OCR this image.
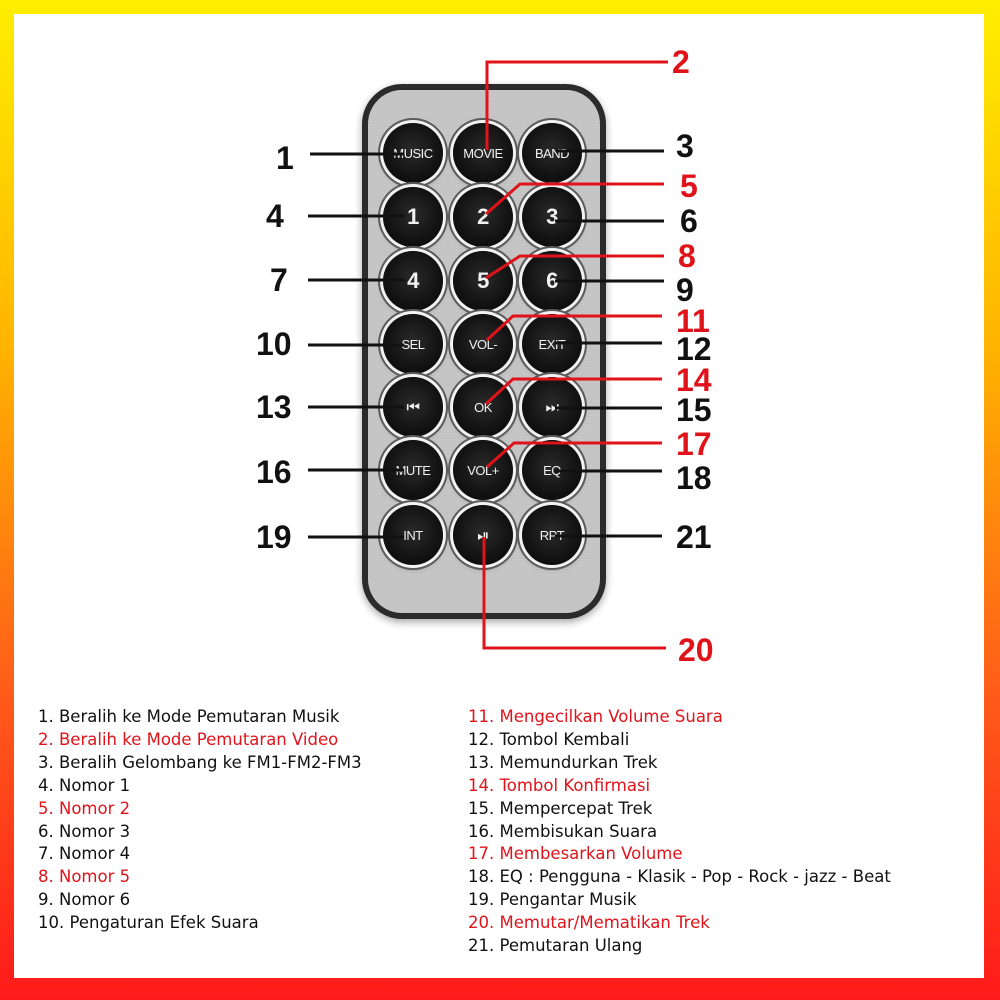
MUSIC	MOVIE	BAND
1	2	3
4	5	6
SEL	VOL-	EXIT
⏮	OK	⏭
MUTE	VOL+	EQ
INT	⏯	RPT
1
2
3
4
5
6
7
8
9
10
11
12
13
14
15
16
17
18
19
20
21
1. Beralih ke Mode Pemutaran Musik
2. Beralih ke Mode Pemutaran Video
3. Beralih Gelombang ke FM1-FM2-FM3
4. Nomor 1
5. Nomor 2
6. Nomor 3
7. Nomor 4
8. Nomor 5
9. Nomor 6
10. Pengaturan Efek Suara
11. Mengecilkan Volume Suara
12. Tombol Kembali
13. Memundurkan Trek
14. Tombol Konfirmasi
15. Mempercepat Trek
16. Membisukan Suara
17. Membesarkan Volume
18. EQ : Pengguna - Klasik - Pop - Rock - jazz - Beat
19. Pengantar Musik
20. Memutar/Mematikan Trek
21. Pemutaran Ulang
